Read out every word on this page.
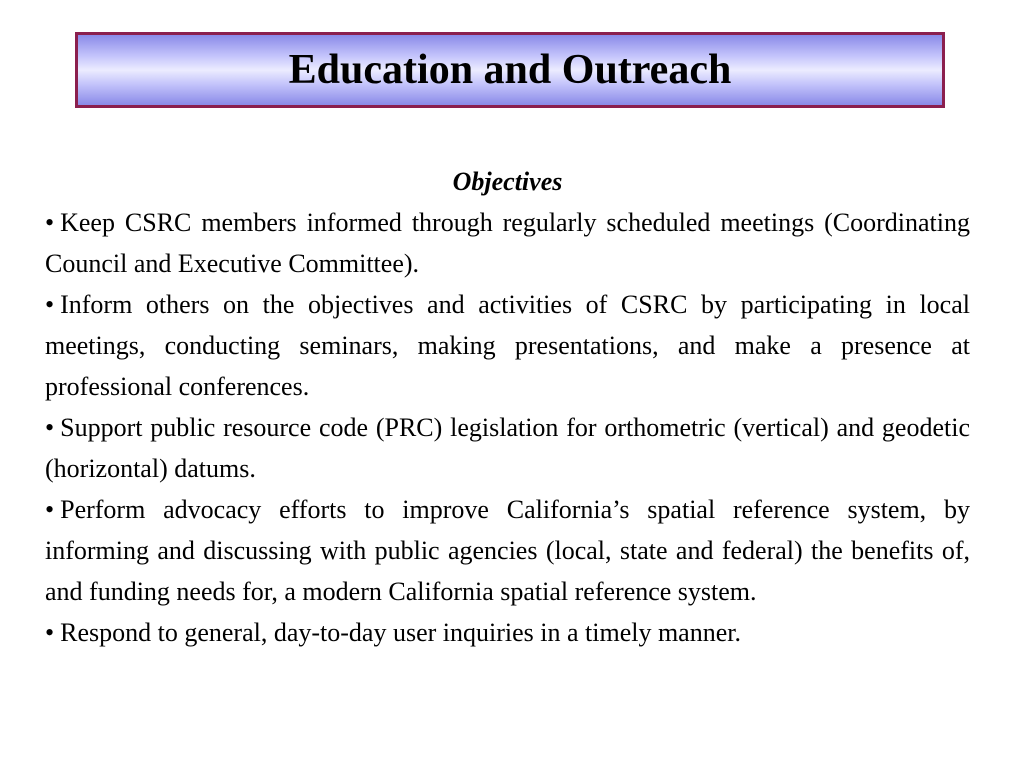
Education and Outreach

Objectives

• Keep CSRC members informed through regularly scheduled meetings (Coordinating Council and Executive Committee).
• Inform others on the objectives and activities of CSRC by participating in local meetings, conducting seminars, making presentations, and make a presence at professional conferences.
• Support public resource code (PRC) legislation for orthometric (vertical) and geodetic (horizontal) datums.
• Perform advocacy efforts to improve California’s spatial reference system, by informing and discussing with public agencies (local, state and federal) the benefits of, and funding needs for, a modern California spatial reference system.
• Respond to general, day-to-day user inquiries in a timely manner.
